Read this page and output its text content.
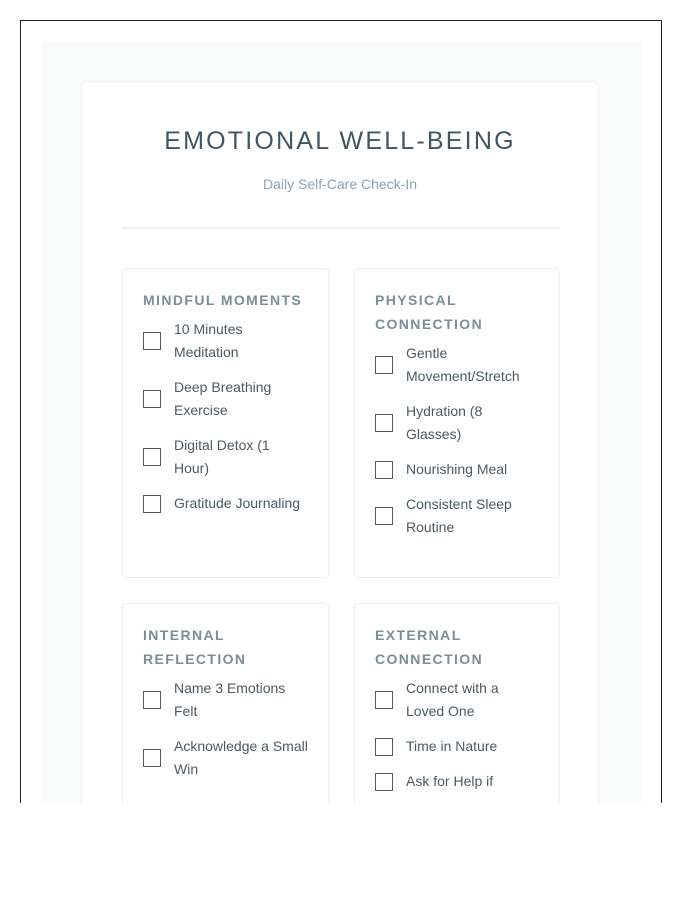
EMOTIONAL WELL-BEING
Daily Self-Care Check-In
MINDFUL MOMENTS
10 Minutes Meditation
Deep Breathing Exercise
Digital Detox (1 Hour)
Gratitude Journaling
PHYSICAL CONNECTION
Gentle Movement/Stretch
Hydration (8 Glasses)
Nourishing Meal
Consistent Sleep Routine
INTERNAL REFLECTION
Name 3 Emotions Felt
Acknowledge a Small Win
EXTERNAL CONNECTION
Connect with a Loved One
Time in Nature
Ask for Help if
